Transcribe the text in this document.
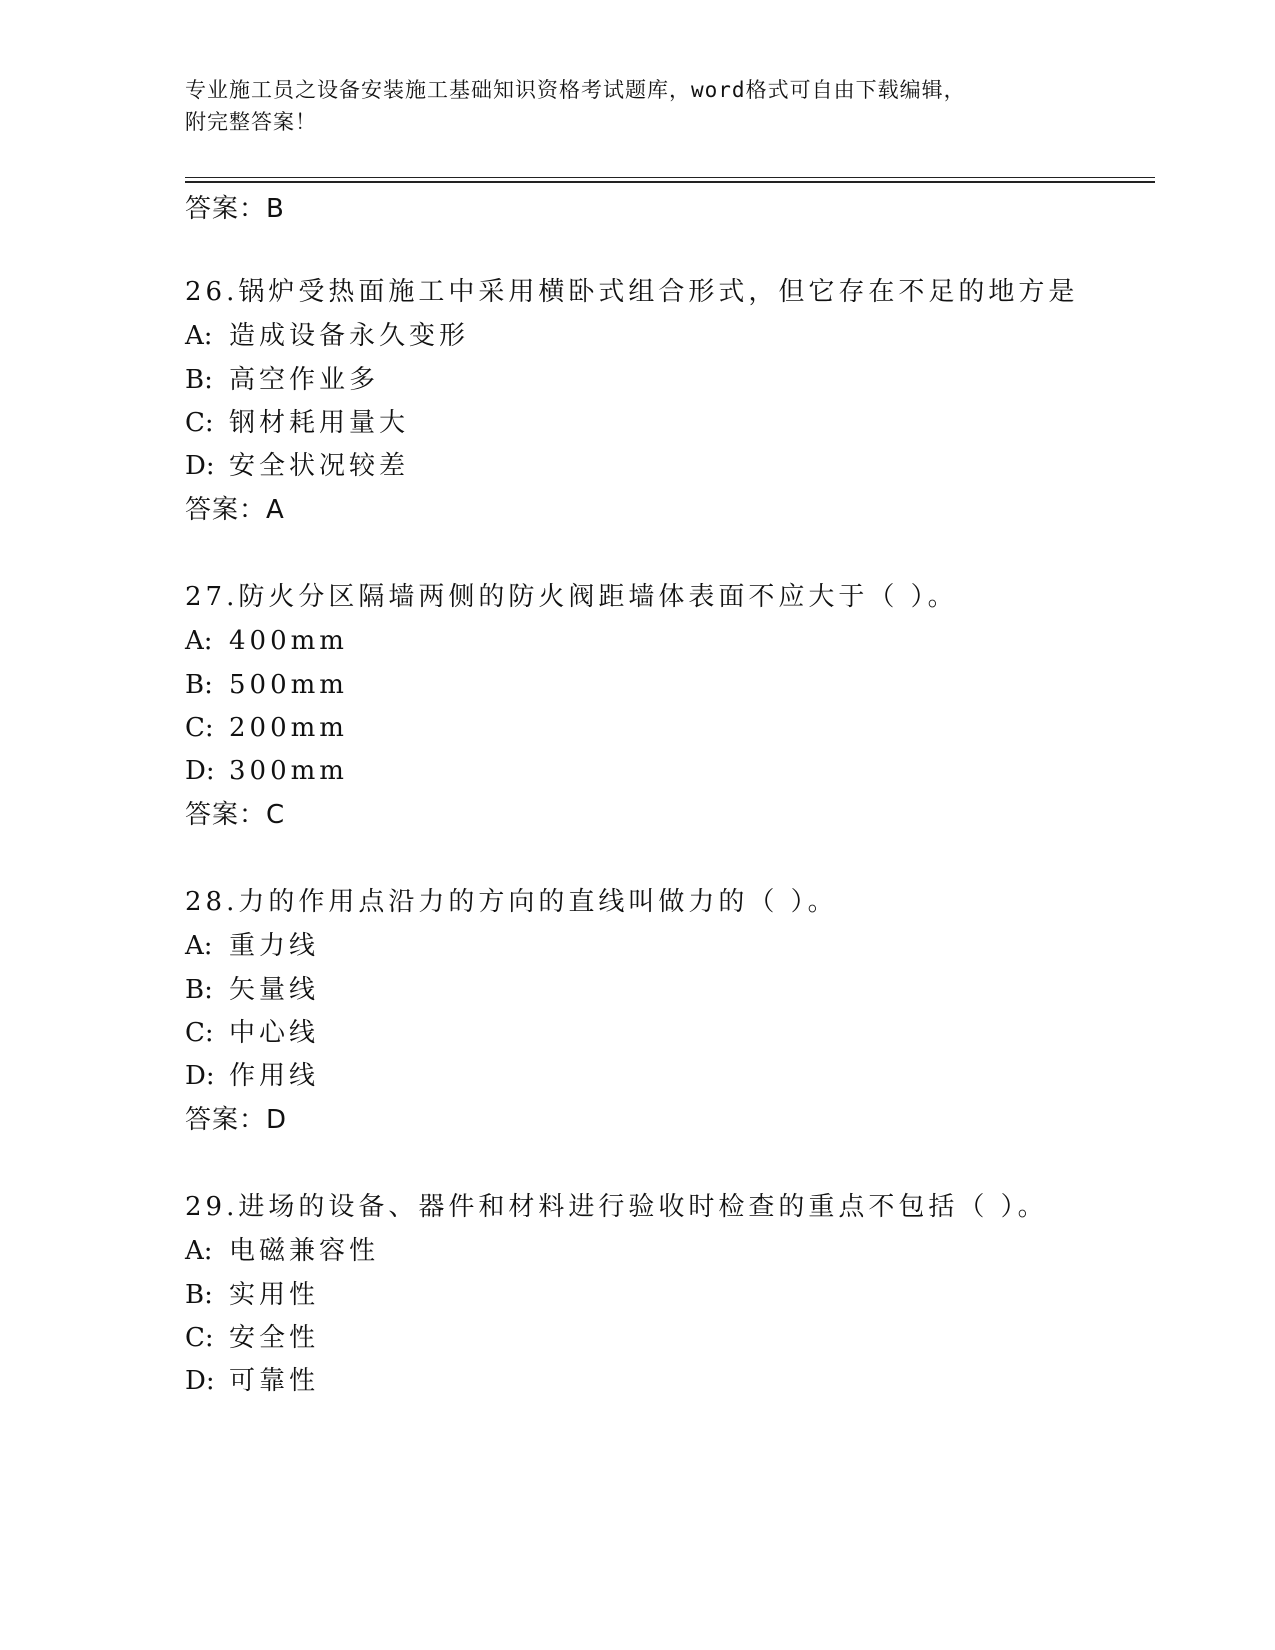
专业施工员之设备安装施工基础知识资格考试题库，word格式可自由下载编辑，
附完整答案！
答案：B
26.锅炉受热面施工中采用横卧式组合形式，但它存在不足的地方是
A: 造成设备永久变形
B: 高空作业多
C: 钢材耗用量大
D: 安全状况较差
答案：A
27.防火分区隔墙两侧的防火阀距墙体表面不应大于（ ）。
A: 400mm
B: 500mm
C: 200mm
D: 300mm
答案：C
28.力的作用点沿力的方向的直线叫做力的（ ）。
A: 重力线
B: 矢量线
C: 中心线
D: 作用线
答案：D
29.进场的设备、器件和材料进行验收时检查的重点不包括（ ）。
A: 电磁兼容性
B: 实用性
C: 安全性
D: 可靠性
